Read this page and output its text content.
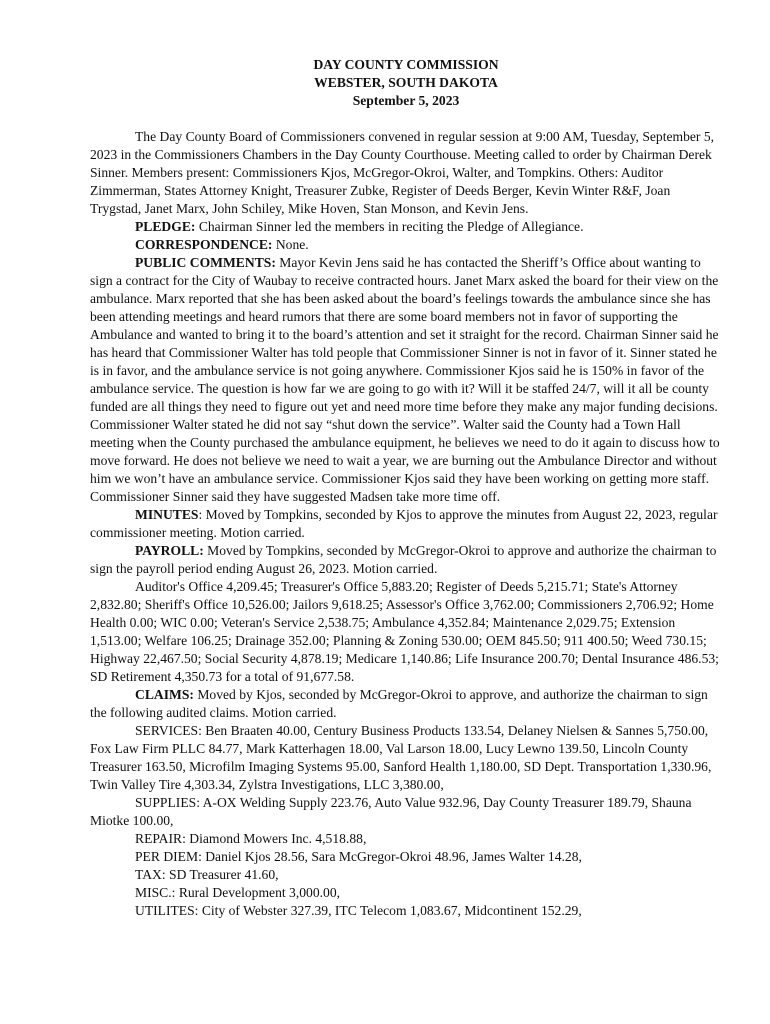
DAY COUNTY COMMISSION
WEBSTER, SOUTH DAKOTA
September 5, 2023

The Day County Board of Commissioners convened in regular session at 9:00 AM, Tuesday, September 5, 2023 in the Commissioners Chambers in the Day County Courthouse. Meeting called to order by Chairman Derek Sinner. Members present: Commissioners Kjos, McGregor-Okroi, Walter, and Tompkins. Others: Auditor Zimmerman, States Attorney Knight, Treasurer Zubke, Register of Deeds Berger, Kevin Winter R&F, Joan Trygstad, Janet Marx, John Schiley, Mike Hoven, Stan Monson, and Kevin Jens.

PLEDGE: Chairman Sinner led the members in reciting the Pledge of Allegiance.

CORRESPONDENCE: None.

PUBLIC COMMENTS: Mayor Kevin Jens said he has contacted the Sheriff’s Office about wanting to sign a contract for the City of Waubay to receive contracted hours. Janet Marx asked the board for their view on the ambulance. Marx reported that she has been asked about the board’s feelings towards the ambulance since she has been attending meetings and heard rumors that there are some board members not in favor of supporting the Ambulance and wanted to bring it to the board’s attention and set it straight for the record. Chairman Sinner said he has heard that Commissioner Walter has told people that Commissioner Sinner is not in favor of it. Sinner stated he is in favor, and the ambulance service is not going anywhere. Commissioner Kjos said he is 150% in favor of the ambulance service. The question is how far we are going to go with it? Will it be staffed 24/7, will it all be county funded are all things they need to figure out yet and need more time before they make any major funding decisions. Commissioner Walter stated he did not say “shut down the service”. Walter said the County had a Town Hall meeting when the County purchased the ambulance equipment, he believes we need to do it again to discuss how to move forward. He does not believe we need to wait a year, we are burning out the Ambulance Director and without him we won’t have an ambulance service. Commissioner Kjos said they have been working on getting more staff. Commissioner Sinner said they have suggested Madsen take more time off.

MINUTES: Moved by Tompkins, seconded by Kjos to approve the minutes from August 22, 2023, regular commissioner meeting. Motion carried.

PAYROLL: Moved by Tompkins, seconded by McGregor-Okroi to approve and authorize the chairman to sign the payroll period ending August 26, 2023. Motion carried.

Auditor's Office 4,209.45; Treasurer's Office 5,883.20; Register of Deeds 5,215.71; State's Attorney 2,832.80; Sheriff's Office 10,526.00; Jailors 9,618.25; Assessor's Office 3,762.00; Commissioners 2,706.92; Home Health 0.00; WIC 0.00; Veteran's Service 2,538.75; Ambulance 4,352.84; Maintenance 2,029.75; Extension 1,513.00; Welfare 106.25; Drainage 352.00; Planning & Zoning 530.00; OEM 845.50; 911 400.50; Weed 730.15; Highway 22,467.50; Social Security 4,878.19; Medicare 1,140.86; Life Insurance 200.70; Dental Insurance 486.53; SD Retirement 4,350.73 for a total of 91,677.58.

CLAIMS: Moved by Kjos, seconded by McGregor-Okroi to approve, and authorize the chairman to sign the following audited claims. Motion carried.

SERVICES: Ben Braaten 40.00, Century Business Products 133.54, Delaney Nielsen & Sannes 5,750.00, Fox Law Firm PLLC 84.77, Mark Katterhagen 18.00, Val Larson 18.00, Lucy Lewno 139.50, Lincoln County Treasurer 163.50, Microfilm Imaging Systems 95.00, Sanford Health 1,180.00, SD Dept. Transportation 1,330.96, Twin Valley Tire 4,303.34, Zylstra Investigations, LLC 3,380.00,

SUPPLIES: A-OX Welding Supply 223.76, Auto Value 932.96, Day County Treasurer 189.79, Shauna Miotke 100.00,

REPAIR: Diamond Mowers Inc. 4,518.88,

PER DIEM: Daniel Kjos 28.56, Sara McGregor-Okroi 48.96, James Walter 14.28,

TAX: SD Treasurer 41.60,

MISC.: Rural Development 3,000.00,

UTILITES: City of Webster 327.39, ITC Telecom 1,083.67, Midcontinent 152.29,
